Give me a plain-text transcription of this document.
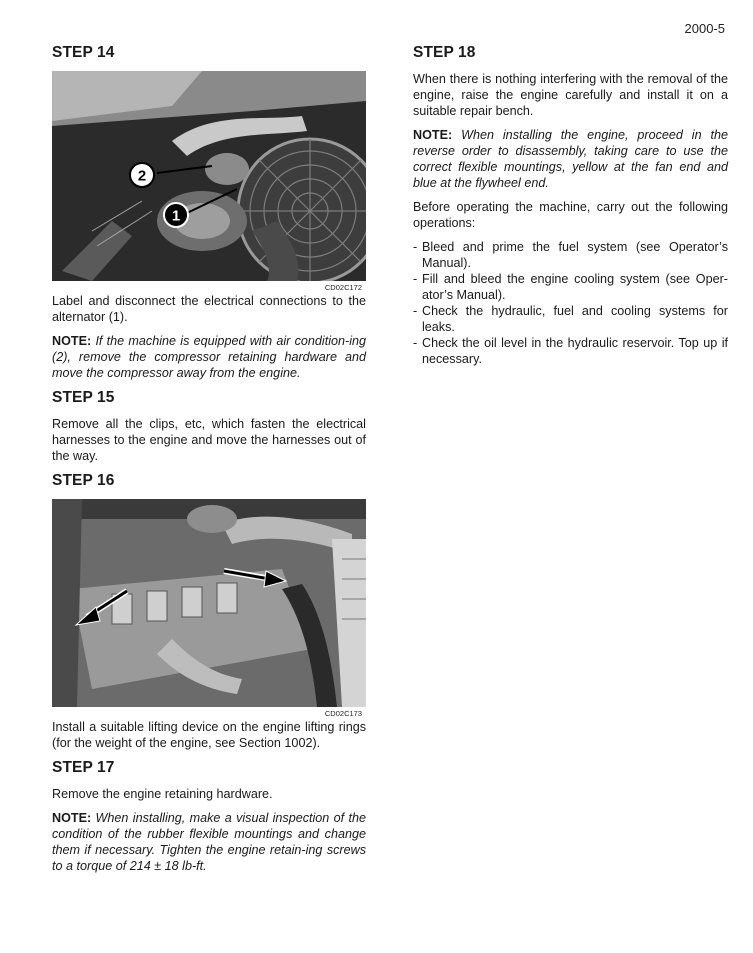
2000-5
STEP 14
2
1
CD02C172

Label and disconnect the electrical connections to the alternator (1).

NOTE: If the machine is equipped with air condition-ing (2), remove the compressor retaining hardware and move the compressor away from the engine.

STEP 15

Remove all the clips, etc, which fasten the electrical harnesses to the engine and move the harnesses out of the way.

STEP 16
CD02C173

Install a suitable lifting device on the engine lifting rings (for the weight of the engine, see Section 1002).

STEP 17

Remove the engine retaining hardware.

NOTE: When installing, make a visual inspection of the condition of the rubber flexible mountings and change them if necessary. Tighten the engine retain-ing screws to a torque of 214 ± 18 lb-ft.

STEP 18

When there is nothing interfering with the removal of the engine, raise the engine carefully and install it on a suitable repair bench.

NOTE: When installing the engine, proceed in the reverse order to disassembly, taking care to use the correct flexible mountings, yellow at the fan end and blue at the flywheel end.

Before operating the machine, carry out the following operations:

- Bleed and prime the fuel system (see Operator’s Manual).
- Fill and bleed the engine cooling system (see Oper-ator’s Manual).
- Check the hydraulic, fuel and cooling systems for leaks.
- Check the oil level in the hydraulic reservoir. Top up if necessary.
